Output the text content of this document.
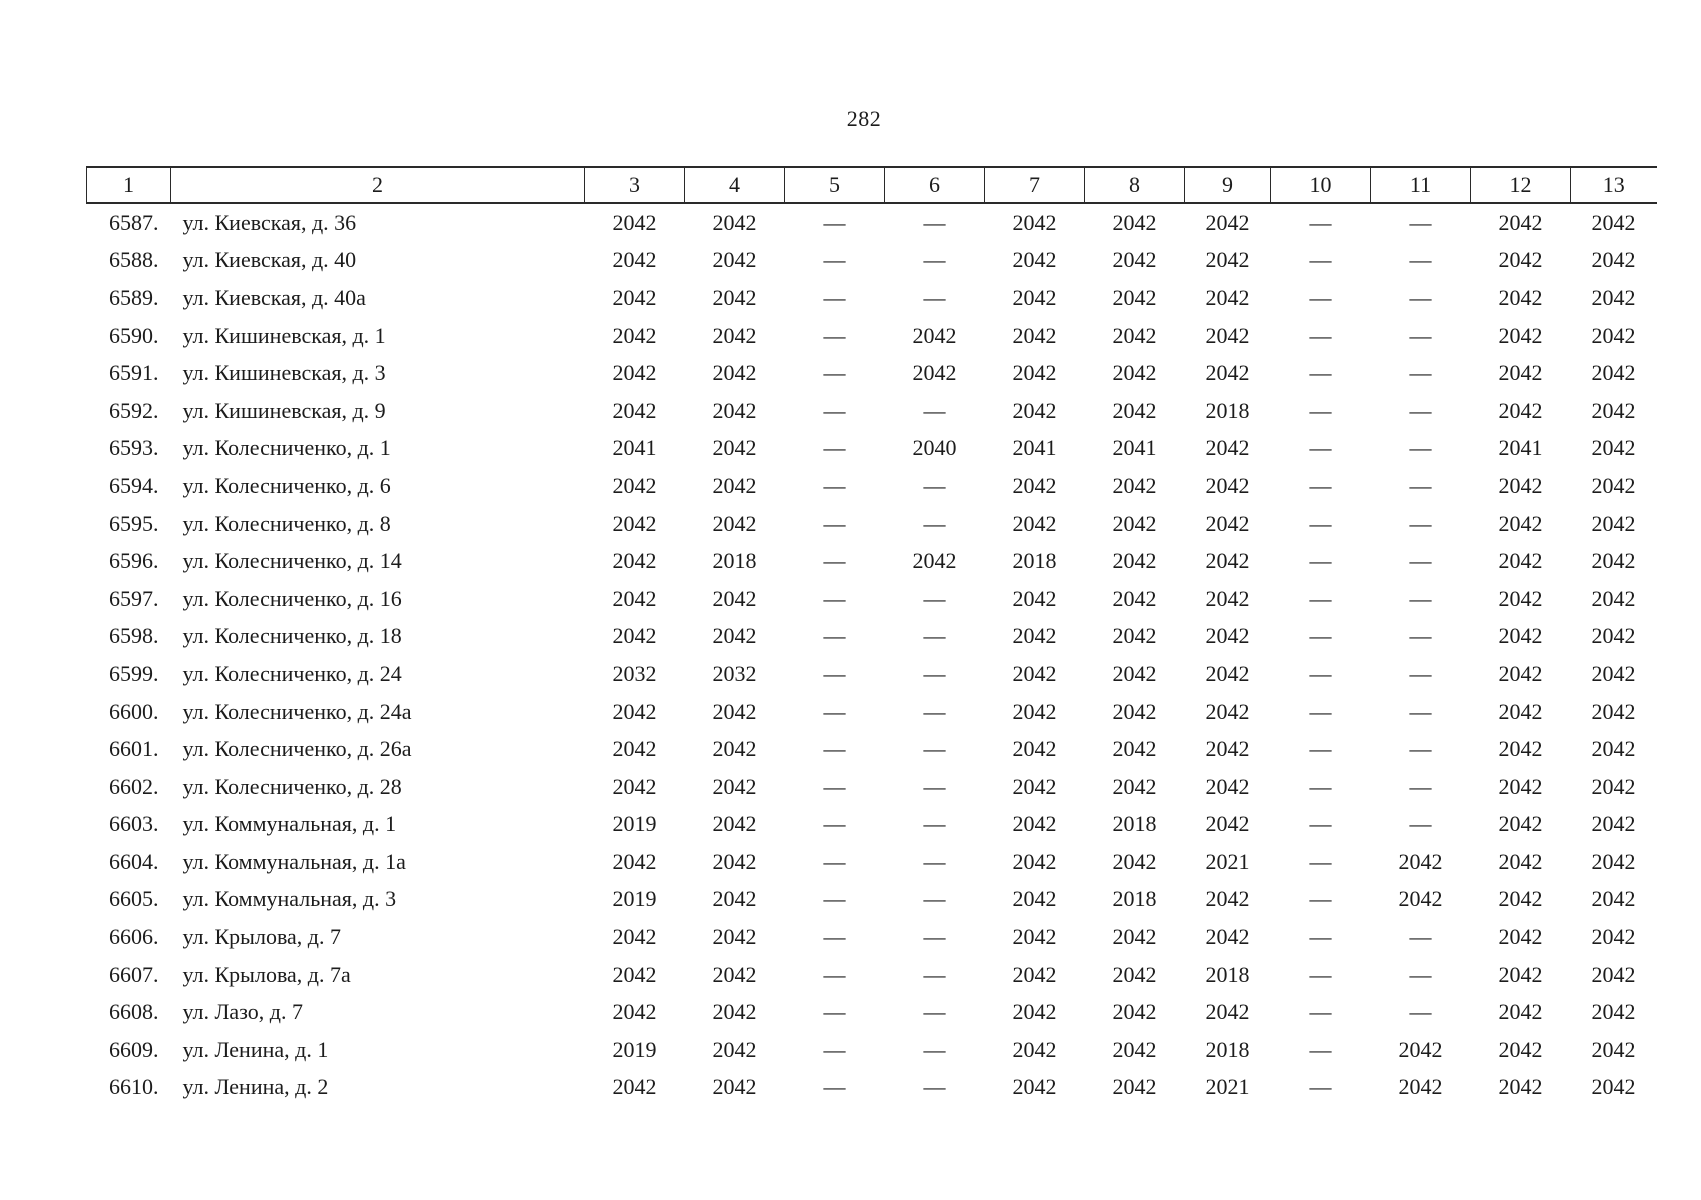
282
1	2	3	4	5	6	7	8	9	10	11	12	13
6587.	ул. Киевская, д. 36	2042	2042	—	—	2042	2042	2042	—	—	2042	2042
6588.	ул. Киевская, д. 40	2042	2042	—	—	2042	2042	2042	—	—	2042	2042
6589.	ул. Киевская, д. 40а	2042	2042	—	—	2042	2042	2042	—	—	2042	2042
6590.	ул. Кишиневская, д. 1	2042	2042	—	2042	2042	2042	2042	—	—	2042	2042
6591.	ул. Кишиневская, д. 3	2042	2042	—	2042	2042	2042	2042	—	—	2042	2042
6592.	ул. Кишиневская, д. 9	2042	2042	—	—	2042	2042	2018	—	—	2042	2042
6593.	ул. Колесниченко, д. 1	2041	2042	—	2040	2041	2041	2042	—	—	2041	2042
6594.	ул. Колесниченко, д. 6	2042	2042	—	—	2042	2042	2042	—	—	2042	2042
6595.	ул. Колесниченко, д. 8	2042	2042	—	—	2042	2042	2042	—	—	2042	2042
6596.	ул. Колесниченко, д. 14	2042	2018	—	2042	2018	2042	2042	—	—	2042	2042
6597.	ул. Колесниченко, д. 16	2042	2042	—	—	2042	2042	2042	—	—	2042	2042
6598.	ул. Колесниченко, д. 18	2042	2042	—	—	2042	2042	2042	—	—	2042	2042
6599.	ул. Колесниченко, д. 24	2032	2032	—	—	2042	2042	2042	—	—	2042	2042
6600.	ул. Колесниченко, д. 24а	2042	2042	—	—	2042	2042	2042	—	—	2042	2042
6601.	ул. Колесниченко, д. 26а	2042	2042	—	—	2042	2042	2042	—	—	2042	2042
6602.	ул. Колесниченко, д. 28	2042	2042	—	—	2042	2042	2042	—	—	2042	2042
6603.	ул. Коммунальная, д. 1	2019	2042	—	—	2042	2018	2042	—	—	2042	2042
6604.	ул. Коммунальная, д. 1а	2042	2042	—	—	2042	2042	2021	—	2042	2042	2042
6605.	ул. Коммунальная, д. 3	2019	2042	—	—	2042	2018	2042	—	2042	2042	2042
6606.	ул. Крылова, д. 7	2042	2042	—	—	2042	2042	2042	—	—	2042	2042
6607.	ул. Крылова, д. 7а	2042	2042	—	—	2042	2042	2018	—	—	2042	2042
6608.	ул. Лазо, д. 7	2042	2042	—	—	2042	2042	2042	—	—	2042	2042
6609.	ул. Ленина, д. 1	2019	2042	—	—	2042	2042	2018	—	2042	2042	2042
6610.	ул. Ленина, д. 2	2042	2042	—	—	2042	2042	2021	—	2042	2042	2042
